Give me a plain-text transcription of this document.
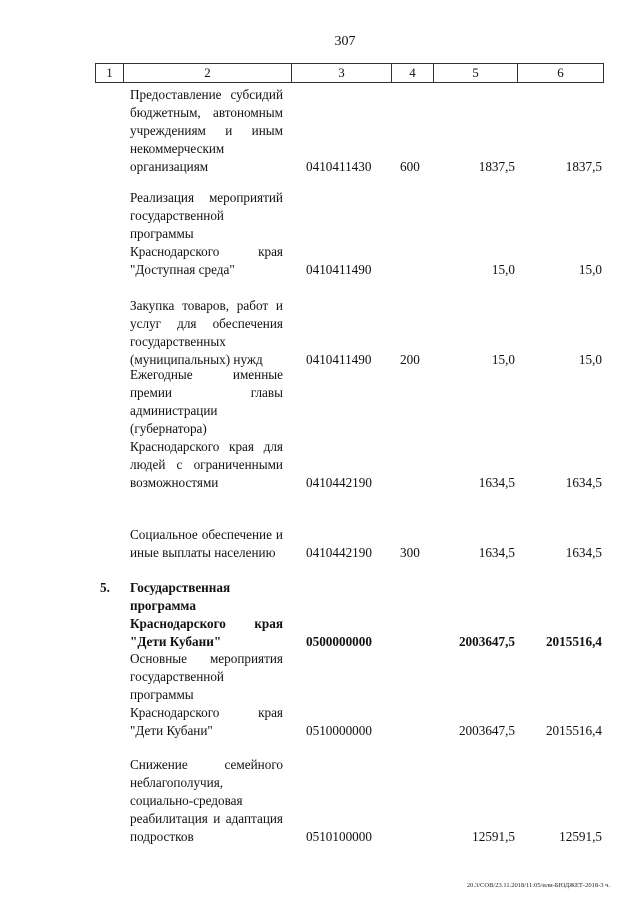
307
1	2	3	4	5	6
Предоставление субсидий бюджетным, автономным учреждениям и иным некоммерческим организациям	0410411430 600	1837,5	1837,5
Реализация мероприятий государственной программы Краснодарского края "Доступная среда"	0410411490	15,0	15,0
Закупка товаров, работ и услуг для обеспечения государственных (муниципальных) нужд	0410411490 200	15,0	15,0
Ежегодные именные премии главы администрации (губернатора) Краснодарского края для людей с ограниченными возможностями	0410442190	1634,5	1634,5
Социальное обеспечение и иные выплаты населению	0410442190 300	1634,5	1634,5
5. Государственная программа Краснодарского края "Дети Кубани"	0500000000	2003647,5 2015516,4
Основные мероприятия государственной программы Краснодарского края "Дети Кубани"	0510000000	2003647,5 2015516,4
Снижение семейного неблагополучия, социально-средовая реабилитация и адаптация подростков	0510100000	12591,5	12591,5
20.3/СОВ/23.11.2018/11:05/или-БЮДЖЕТ-2018-3 ч.
